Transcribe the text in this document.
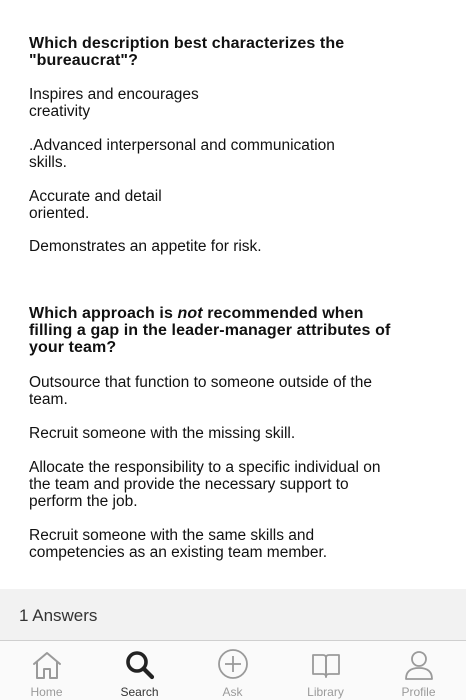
Which description best characterizes the
"bureaucrat"?
Inspires and encourages
creativity
.Advanced interpersonal and communication
skills.
Accurate and detail
oriented.
Demonstrates an appetite for risk.
Which approach is not recommended when
filling a gap in the leader-manager attributes of
your team?
Outsource that function to someone outside of the
team.
Recruit someone with the missing skill.
Allocate the responsibility to a specific individual on
the team and provide the necessary support to
perform the job.
Recruit someone with the same skills and
competencies as an existing team member.
1 Answers
Home	Search	Ask	Library	Profile
